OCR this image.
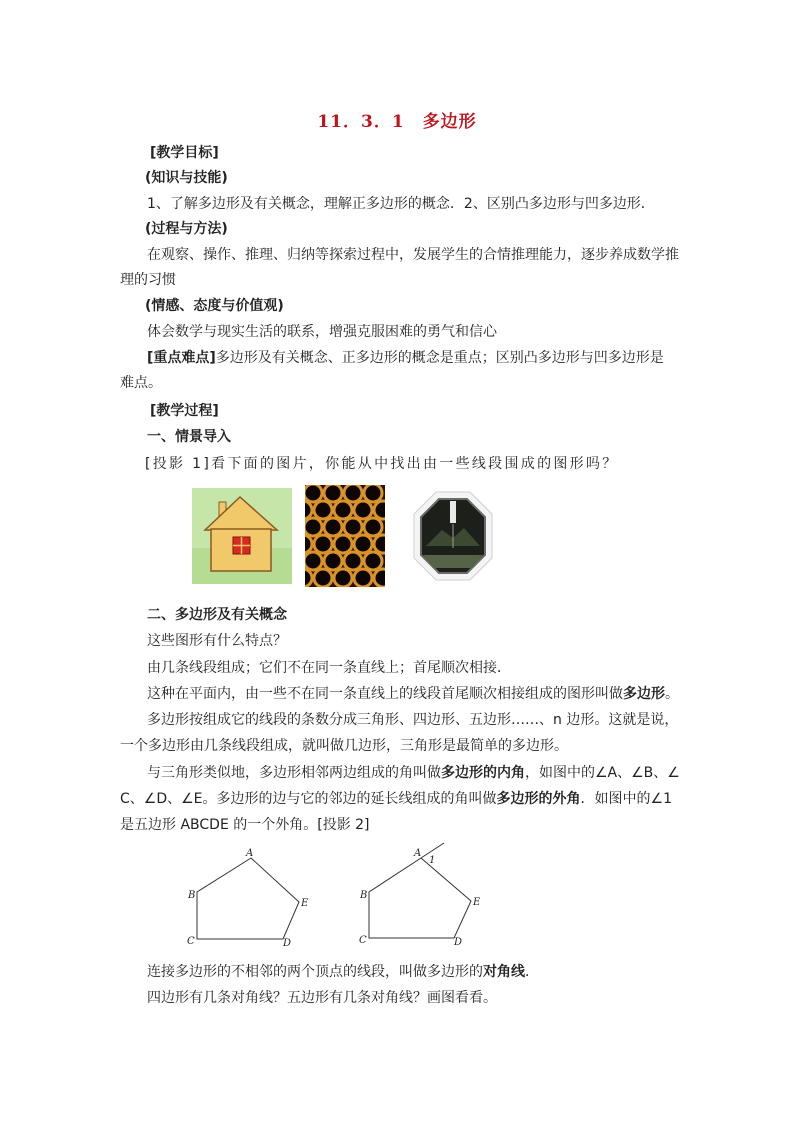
11．3．1　多边形
[教学目标]
(知识与技能)
1、了解多边形及有关概念，理解正多边形的概念．2、区别凸多边形与凹多边形．
(过程与方法)
在观察、操作、推理、归纳等探索过程中，发展学生的合情推理能力，逐步养成数学推
理的习惯
(情感、态度与价值观)
体会数学与现实生活的联系，增强克服困难的勇气和信心
[重点难点]多边形及有关概念、正多边形的概念是重点；区别凸多边形与凹多边形是
难点。
[教学过程]
一、情景导入
[投影 1]看下面的图片，你能从中找出由一些线段围成的图形吗？
二、多边形及有关概念
这些图形有什么特点？
由几条线段组成；它们不在同一条直线上；首尾顺次相接．
这种在平面内，由一些不在同一条直线上的线段首尾顺次相接组成的图形叫做多边形。
多边形按组成它的线段的条数分成三角形、四边形、五边形……、n 边形。这就是说，
一个多边形由几条线段组成，就叫做几边形，三角形是最简单的多边形。
与三角形类似地，多边形相邻两边组成的角叫做多边形的内角，如图中的∠A、∠B、∠
C、∠D、∠E。多边形的边与它的邻边的延长线组成的角叫做多边形的外角．如图中的∠1
是五边形 ABCDE 的一个外角。[投影 2]
A
B
C	D
E
A
1
B
C	D
E
连接多边形的不相邻的两个顶点的线段，叫做多边形的对角线．
四边形有几条对角线？五边形有几条对角线？画图看看。
